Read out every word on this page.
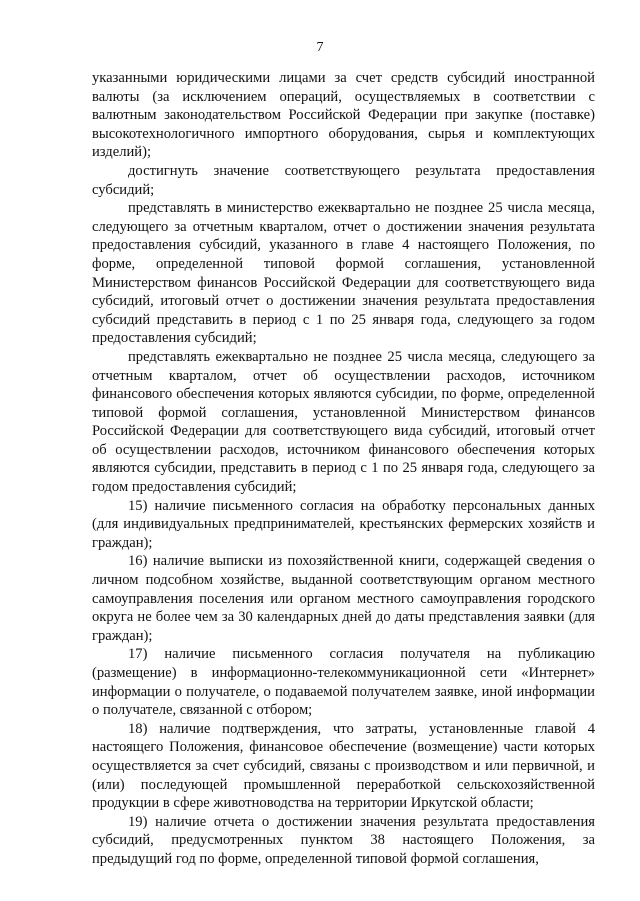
7

указанными юридическими лицами за счет средств субсидий иностранной валюты (за исключением операций, осуществляемых в соответствии с валютным законодательством Российской Федерации при закупке (поставке) высокотехнологичного импортного оборудования, сырья и комплектующих изделий);

достигнуть значение соответствующего результата предоставления субсидий;

представлять в министерство ежеквартально не позднее 25 числа месяца, следующего за отчетным кварталом, отчет о достижении значения результата предоставления субсидий, указанного в главе 4 настоящего Положения, по форме, определенной типовой формой соглашения, установленной Министерством финансов Российской Федерации для соответствующего вида субсидий, итоговый отчет о достижении значения результата предоставления субсидий представить в период с 1 по 25 января года, следующего за годом предоставления субсидий;

представлять ежеквартально не позднее 25 числа месяца, следующего за отчетным кварталом, отчет об осуществлении расходов, источником финансового обеспечения которых являются субсидии, по форме, определенной типовой формой соглашения, установленной Министерством финансов Российской Федерации для соответствующего вида субсидий, итоговый отчет об осуществлении расходов, источником финансового обеспечения которых являются субсидии, представить в период с 1 по 25 января года, следующего за годом предоставления субсидий;

15) наличие письменного согласия на обработку персональных данных (для индивидуальных предпринимателей, крестьянских фермерских хозяйств и граждан);

16) наличие выписки из похозяйственной книги, содержащей сведения о личном подсобном хозяйстве, выданной соответствующим органом местного самоуправления поселения или органом местного самоуправления городского округа не более чем за 30 календарных дней до даты представления заявки (для граждан);

17) наличие письменного согласия получателя на публикацию (размещение) в информационно-телекоммуникационной сети «Интернет» информации о получателе, о подаваемой получателем заявке, иной информации о получателе, связанной с отбором;

18) наличие подтверждения, что затраты, установленные главой 4 настоящего Положения, финансовое обеспечение (возмещение) части которых осуществляется за счет субсидий, связаны с производством и или первичной, и (или) последующей промышленной переработкой сельскохозяйственной продукции в сфере животноводства на территории Иркутской области;

19) наличие отчета о достижении значения результата предоставления субсидий, предусмотренных пунктом 38 настоящего Положения, за предыдущий год по форме, определенной типовой формой соглашения,
